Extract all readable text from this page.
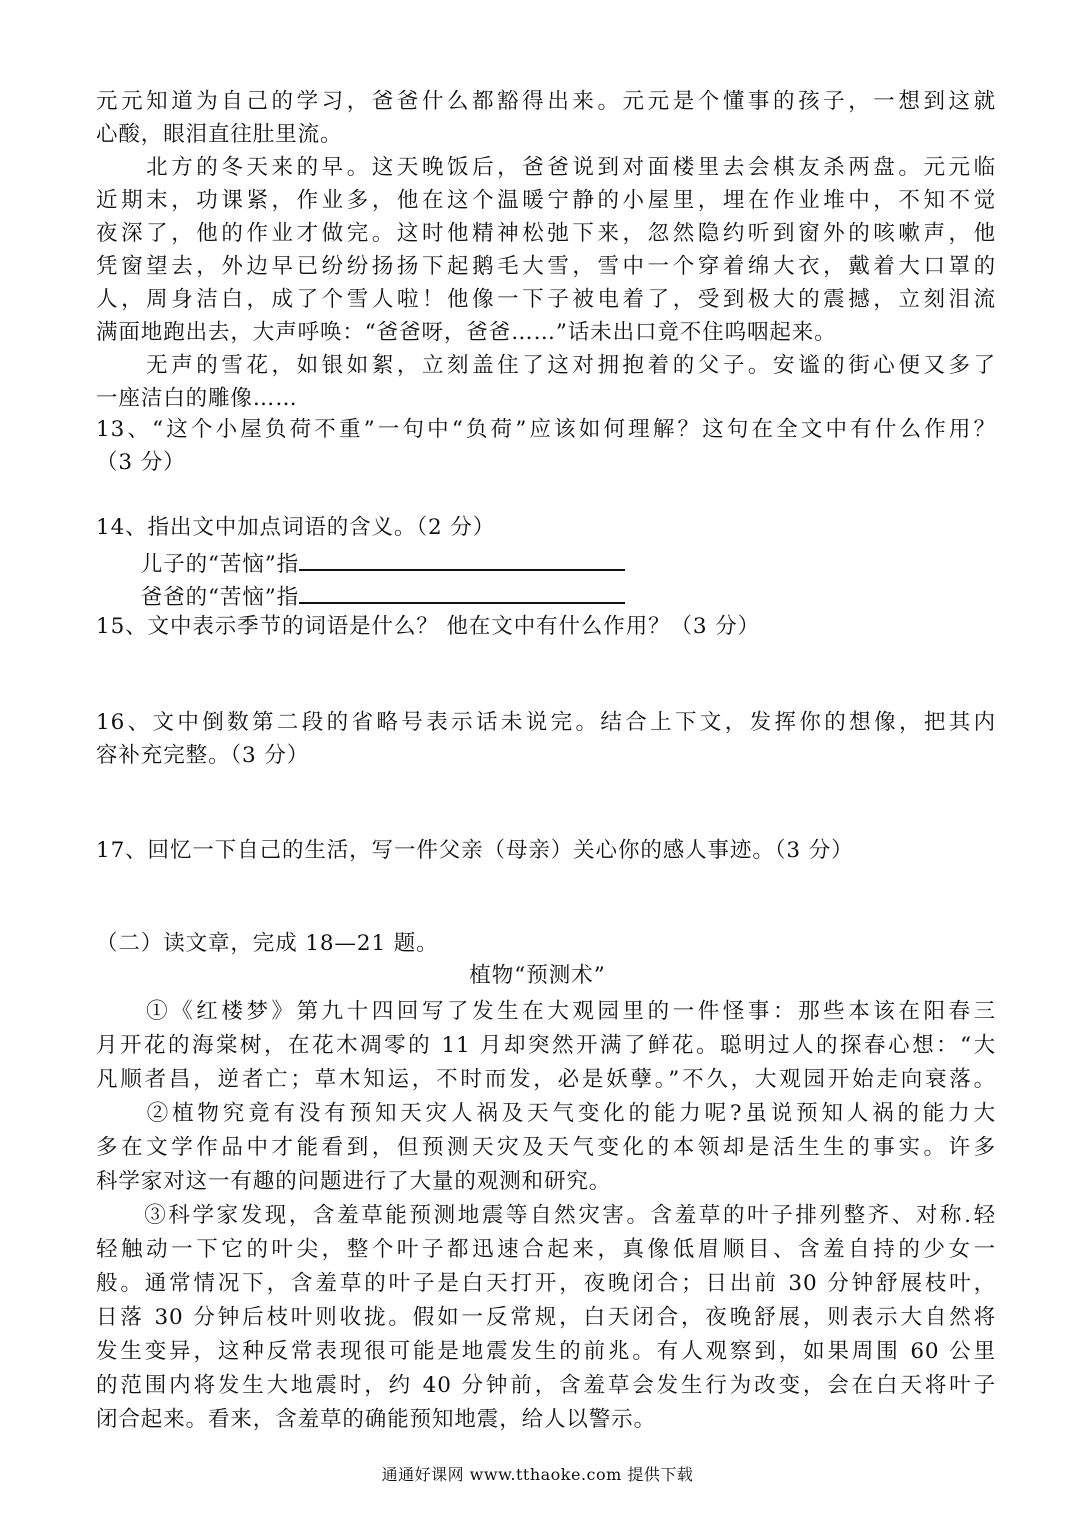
元元知道为自己的学习，爸爸什么都豁得出来。元元是个懂事的孩子，一想到这就
心酸，眼泪直往肚里流。
　　北方的冬天来的早。这天晚饭后，爸爸说到对面楼里去会棋友杀两盘。元元临
近期末，功课紧，作业多，他在这个温暖宁静的小屋里，埋在作业堆中，不知不觉
夜深了，他的作业才做完。这时他精神松弛下来，忽然隐约听到窗外的咳嗽声，他
凭窗望去，外边早已纷纷扬扬下起鹅毛大雪，雪中一个穿着绵大衣，戴着大口罩的
人，周身洁白，成了个雪人啦！他像一下子被电着了，受到极大的震撼，立刻泪流
满面地跑出去，大声呼唤：“爸爸呀，爸爸……”话未出口竟不住呜咽起来。
　　无声的雪花，如银如絮，立刻盖住了这对拥抱着的父子。安谧的街心便又多了
一座洁白的雕像……
13、“这个小屋负荷不重”一句中“负荷”应该如何理解？这句在全文中有什么作用？
（3 分）
14、指出文中加点词语的含义。（2 分）
　　儿子的“苦恼”指
　　爸爸的“苦恼”指
15、文中表示季节的词语是什么？ 他在文中有什么作用？（3 分）
16、文中倒数第二段的省略号表示话未说完。结合上下文，发挥你的想像，把其内
容补充完整。（3 分）
17、回忆一下自己的生活，写一件父亲（母亲）关心你的感人事迹。（3 分）
（二）读文章，完成 18—21 题。
植物“预测术”
　　①《红楼梦》第九十四回写了发生在大观园里的一件怪事：那些本该在阳春三
月开花的海棠树，在花木凋零的 11 月却突然开满了鲜花。聪明过人的探春心想：“大
凡顺者昌，逆者亡；草木知运，不时而发，必是妖孽。”不久，大观园开始走向衰落。
　　②植物究竟有没有预知天灾人祸及天气变化的能力呢?虽说预知人祸的能力大
多在文学作品中才能看到，但预测天灾及天气变化的本领却是活生生的事实。许多
科学家对这一有趣的问题进行了大量的观测和研究。
　　③科学家发现，含羞草能预测地震等自然灾害。含羞草的叶子排列整齐、对称.轻
轻触动一下它的叶尖，整个叶子都迅速合起来，真像低眉顺目、含羞自持的少女一
般。通常情况下，含羞草的叶子是白天打开，夜晚闭合；日出前 30 分钟舒展枝叶，
日落 30 分钟后枝叶则收拢。假如一反常规，白天闭合，夜晚舒展，则表示大自然将
发生变异，这种反常表现很可能是地震发生的前兆。有人观察到，如果周围 60 公里
的范围内将发生大地震时，约 40 分钟前，含羞草会发生行为改变，会在白天将叶子
闭合起来。看来，含羞草的确能预知地震，给人以警示。
通通好课网 www.tthaoke.com 提供下载
